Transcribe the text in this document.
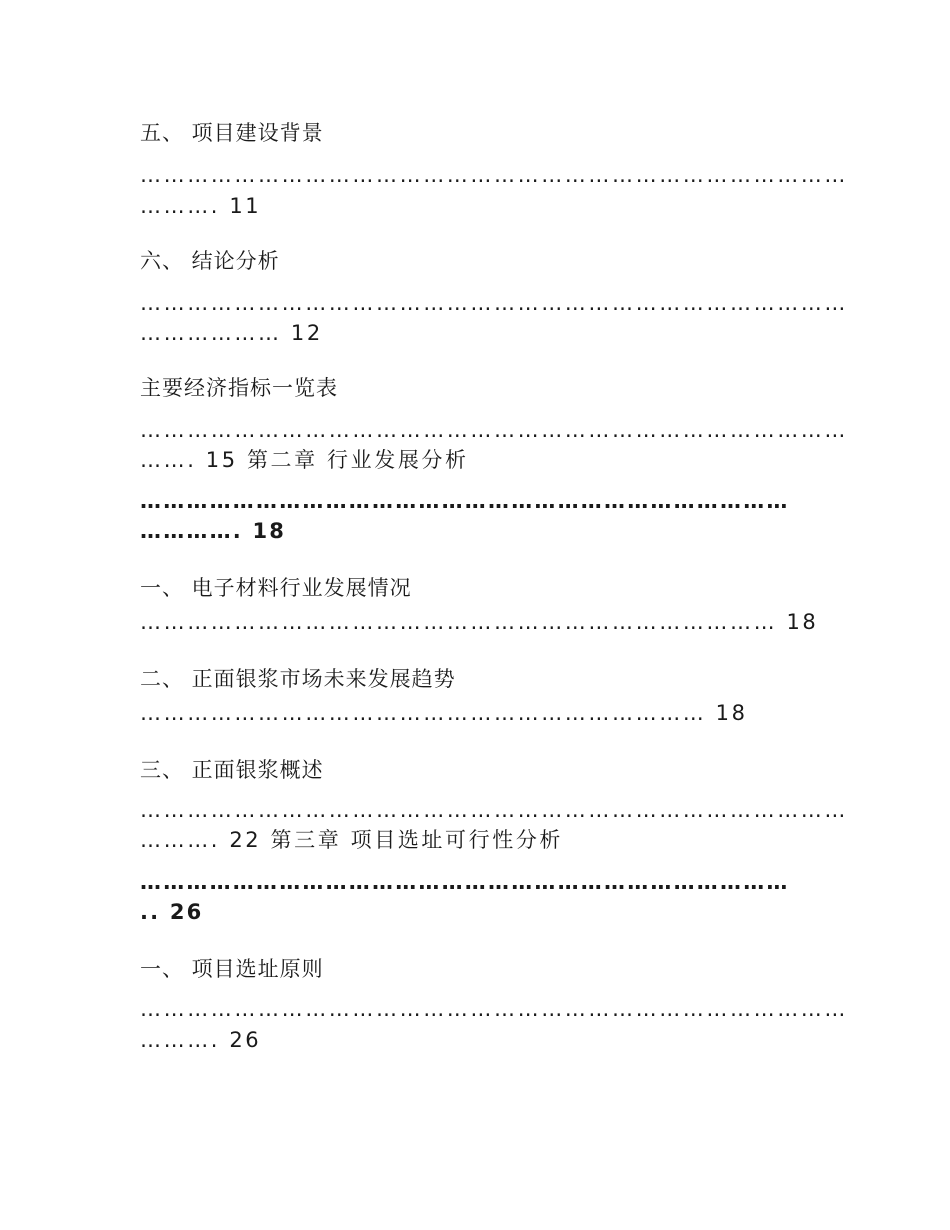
五、 项目建设背景
………………………………………………………………………………
………. 11
六、 结论分析
………………………………………………………………………………
……………… 12
主要经济指标一览表
………………………………………………………………………………
……. 15 第二章 行业发展分析
…………………………………………………………………………
…………. 18
一、 电子材料行业发展情况
……………………………………………………………………… 18
二、 正面银浆市场未来发展趋势
……………………………………………………………… 18
三、 正面银浆概述
………………………………………………………………………………
………. 22 第三章 项目选址可行性分析
…………………………………………………………………………
.. 26
一、 项目选址原则
………………………………………………………………………………
………. 26
